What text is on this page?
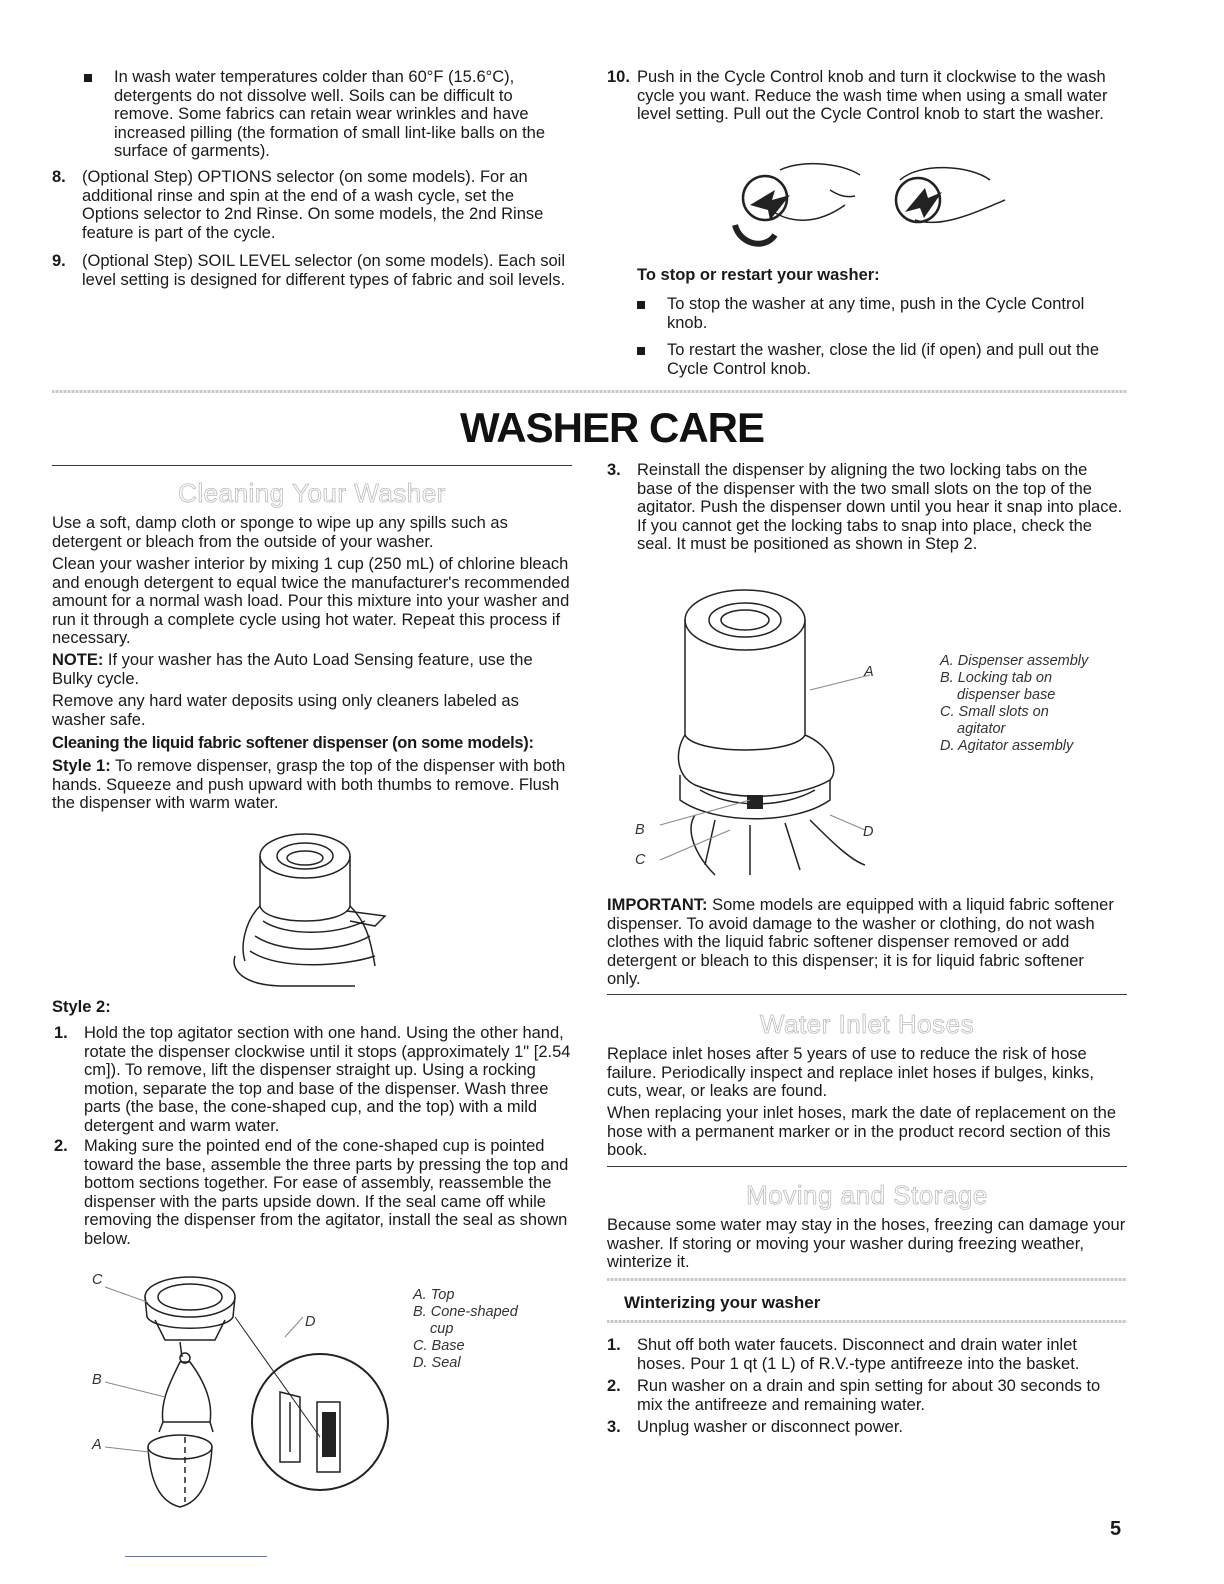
In wash water temperatures colder than 60°F (15.6°C), detergents do not dissolve well. Soils can be difficult to remove. Some fabrics can retain wear wrinkles and have increased pilling (the formation of small lint-like balls on the surface of garments).
8. (Optional Step) OPTIONS selector (on some models). For an additional rinse and spin at the end of a wash cycle, set the Options selector to 2nd Rinse. On some models, the 2nd Rinse feature is part of the cycle.
9. (Optional Step) SOIL LEVEL selector (on some models). Each soil level setting is designed for different types of fabric and soil levels.
10. Push in the Cycle Control knob and turn it clockwise to the wash cycle you want. Reduce the wash time when using a small water level setting. Pull out the Cycle Control knob to start the washer.
To stop or restart your washer:
To stop the washer at any time, push in the Cycle Control knob.
To restart the washer, close the lid (if open) and pull out the Cycle Control knob.
WASHER CARE
Cleaning Your Washer

Use a soft, damp cloth or sponge to wipe up any spills such as detergent or bleach from the outside of your washer.

Clean your washer interior by mixing 1 cup (250 mL) of chlorine bleach and enough detergent to equal twice the manufacturer's recommended amount for a normal wash load. Pour this mixture into your washer and run it through a complete cycle using hot water. Repeat this process if necessary.

NOTE: If your washer has the Auto Load Sensing feature, use the Bulky cycle.

Remove any hard water deposits using only cleaners labeled as washer safe.

Cleaning the liquid fabric softener dispenser (on some models):

Style 1: To remove dispenser, grasp the top of the dispenser with both hands. Squeeze and push upward with both thumbs to remove. Flush the dispenser with warm water.

Style 2:
1. Hold the top agitator section with one hand. Using the other hand, rotate the dispenser clockwise until it stops (approximately 1" [2.54 cm]). To remove, lift the dispenser straight up. Using a rocking motion, separate the top and base of the dispenser. Wash three parts (the base, the cone-shaped cup, and the top) with a mild detergent and warm water.
2. Making sure the pointed end of the cone-shaped cup is pointed toward the base, assemble the three parts by pressing the top and bottom sections together. For ease of assembly, reassemble the dispenser with the parts upside down. If the seal came off while removing the dispenser from the agitator, install the seal as shown below.
C
D
B
A
A. Top
B. Cone-shaped cup
C. Base
D. Seal
3. Reinstall the dispenser by aligning the two locking tabs on the base of the dispenser with the two small slots on the top of the agitator. Push the dispenser down until you hear it snap into place. If you cannot get the locking tabs to snap into place, check the seal. It must be positioned as shown in Step 2.
A
B
C
D
A. Dispenser assembly
B. Locking tab on dispenser base
C. Small slots on agitator
D. Agitator assembly

IMPORTANT: Some models are equipped with a liquid fabric softener dispenser. To avoid damage to the washer or clothing, do not wash clothes with the liquid fabric softener dispenser removed or add detergent or bleach to this dispenser; it is for liquid fabric softener only.

Water Inlet Hoses

Replace inlet hoses after 5 years of use to reduce the risk of hose failure. Periodically inspect and replace inlet hoses if bulges, kinks, cuts, wear, or leaks are found.

When replacing your inlet hoses, mark the date of replacement on the hose with a permanent marker or in the product record section of this book.

Moving and Storage

Because some water may stay in the hoses, freezing can damage your washer. If storing or moving your washer during freezing weather, winterize it.

Winterizing your washer
1. Shut off both water faucets. Disconnect and drain water inlet hoses. Pour 1 qt (1 L) of R.V.-type antifreeze into the basket.
2. Run washer on a drain and spin setting for about 30 seconds to mix the antifreeze and remaining water.
3. Unplug washer or disconnect power.
5
